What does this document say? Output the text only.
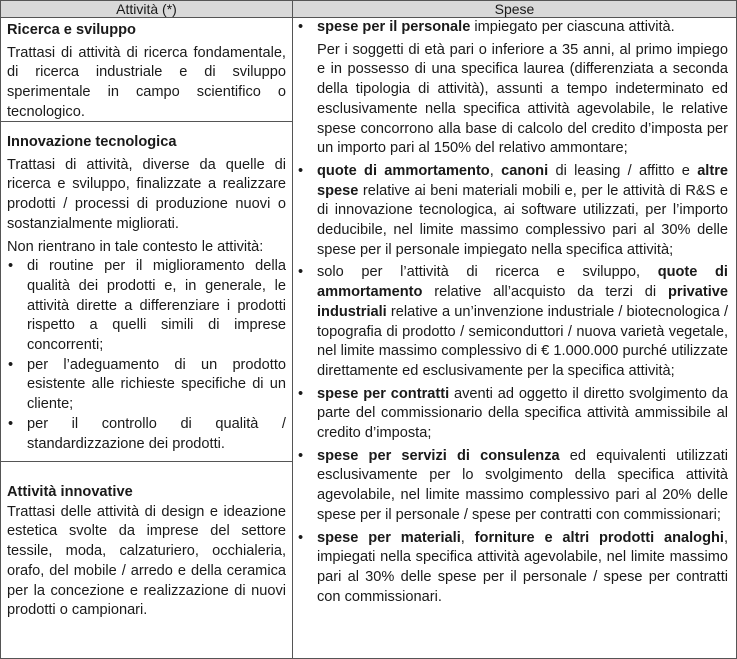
Attività (*)	Spese

Ricerca e sviluppo

Trattasi di attività di ricerca fondamentale, di ricerca industriale e di sviluppo sperimentale in campo scientifico o tecnologico.

Innovazione tecnologica

Trattasi di attività, diverse da quelle di ricerca e sviluppo, finalizzate a realizzare prodotti / processi di produzione nuovi o sostanzialmente migliorati.

Non rientrano in tale contesto le attività:

• di routine per il miglioramento della qualità dei prodotti e, in generale, le attività dirette a differenziare i prodotti rispetto a quelli simili di imprese concorrenti;
• per l’adeguamento di un prodotto esistente alle richieste specifiche di un cliente;
• per il controllo di qualità / standardizzazione dei prodotti.

Attività innovative

Trattasi delle attività di design e ideazione estetica svolte da imprese del settore tessile, moda, calzaturiero, occhialeria, orafo, del mobile / arredo e della ceramica per la concezione e realizzazione di nuovi prodotti o campionari.

• spese per il personale impiegato per ciascuna attività.
Per i soggetti di età pari o inferiore a 35 anni, al primo impiego e in possesso di una specifica laurea (differenziata a seconda della tipologia di attività), assunti a tempo indeterminato ed esclusivamente nella specifica attività agevolabile, le relative spese concorrono alla base di calcolo del credito d’imposta per un importo pari al 150% del relativo ammontare;
• quote di ammortamento, canoni di leasing / affitto e altre spese relative ai beni materiali mobili e, per le attività di R&S e di innovazione tecnologica, ai software utilizzati, per l’importo deducibile, nel limite massimo complessivo pari al 30% delle spese per il personale impiegato nella specifica attività;
• solo per l’attività di ricerca e sviluppo, quote di ammortamento relative all’acquisto da terzi di privative industriali relative a un’invenzione industriale / biotecnologica / topografia di prodotto / semiconduttori / nuova varietà vegetale, nel limite massimo complessivo di € 1.000.000 purché utilizzate direttamente ed esclusivamente per la specifica attività;
• spese per contratti aventi ad oggetto il diretto svolgimento da parte del commissionario della specifica attività ammissibile al credito d’imposta;
• spese per servizi di consulenza ed equivalenti utilizzati esclusivamente per lo svolgimento della specifica attività agevolabile, nel limite massimo complessivo pari al 20% delle spese per il personale / spese per contratti con commissionari;
• spese per materiali, forniture e altri prodotti analoghi, impiegati nella specifica attività agevolabile, nel limite massimo pari al 30% delle spese per il personale / spese per contratti con commissionari.
